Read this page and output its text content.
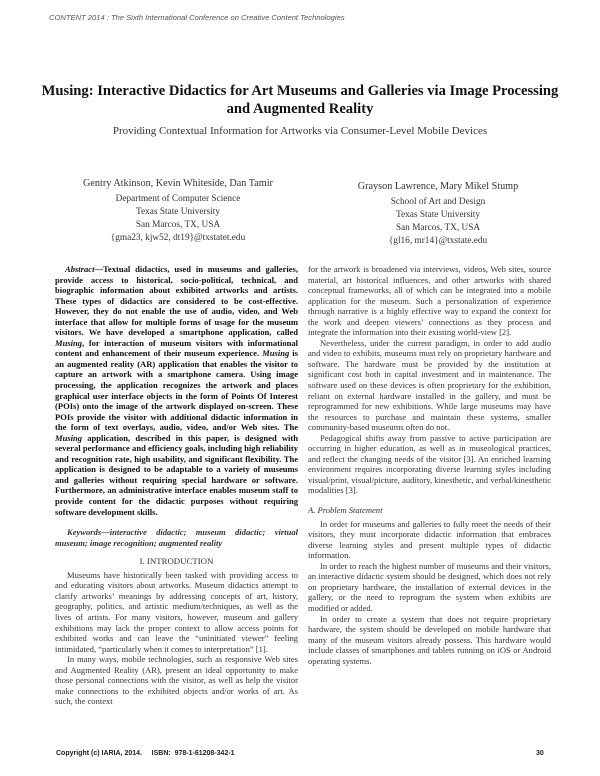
CONTENT 2014 : The Sixth International Conference on Creative Content Technologies
Musing: Interactive Didactics for Art Museums and Galleries via Image Processing and Augmented Reality
Providing Contextual Information for Artworks via Consumer-Level Mobile Devices
Gentry Atkinson, Kevin Whiteside, Dan Tamir
Department of Computer Science
Texas State University
San Marcos, TX, USA
{gma23, kjw52, dt19}@txstatet.edu
Grayson Lawrence, Mary Mikel Stump
School of Art and Design
Texas State University
San Marcos, TX, USA
{gl16, mr14}@txstate.edu

Abstract—Textual didactics, used in museums and galleries, provide access to historical, socio-political, technical, and biographic information about exhibited artworks and artists. These types of didactics are considered to be cost-effective. However, they do not enable the use of audio, video, and Web interface that allow for multiple forms of usage for the museum visitors. We have developed a smartphone application, called Musing, for interaction of museum visitors with informational content and enhancement of their museum experience. Musing is an augmented reality (AR) application that enables the visitor to capture an artwork with a smartphone camera. Using image processing, the application recognizes the artwork and places graphical user interface objects in the form of Points Of Interest (POIs) onto the image of the artwork displayed on-screen. These POIs provide the visitor with additional didactic information in the form of text overlays, audio, video, and/or Web sites. The Musing application, described in this paper, is designed with several performance and efficiency goals, including high reliability and recognition rate, high usability, and significant flexibility. The application is designed to be adaptable to a variety of museums and galleries without requiring special hardware or software. Furthermore, an administrative interface enables museum staff to provide content for the didactic purposes without requiring software development skills.

Keywords—interactive didactic; museum didactic; virtual museum; image recognition; augmented reality

I. INTRODUCTION

Museums have historically been tasked with providing access to and educating visitors about artworks. Museum didactics attempt to clarify artworks’ meanings by addressing concepts of art, history, geography, politics, and artistic medium/techniques, as well as the lives of artists. For many visitors, however, museum and gallery exhibitions may lack the proper context to allow access points for exhibited works and can leave the “uninitiated viewer” feeling intimidated, “particularly when it comes to interpretation” [1].

In many ways, mobile technologies, such as responsive Web sites and Augmented Reality (AR), present an ideal opportunity to make those personal connections with the visitor, as well as help the visitor make connections to the exhibited objects and/or works of art. As such, the context

for the artwork is broadened via interviews, videos, Web sites, source material, art historical influences, and other artworks with shared conceptual frameworks, all of which can be integrated into a mobile application for the museum. Such a personalization of experience through narrative is a highly effective way to expand the context for the work and deepen viewers’ connections as they process and integrate the information into their existing world-view [2].

Nevertheless, under the current paradigm, in order to add audio and video to exhibits, museums must rely on proprietary hardware and software. The hardware must be provided by the institution at significant cost both in capital investment and in maintenance. The software used on these devices is often proprietary for the exhibition, reliant on external hardware installed in the gallery, and must be reprogrammed for new exhibitions. While large museums may have the resources to purchase and maintain these systems, smaller community-based museums often do not.

Pedagogical shifts away from passive to active participation are occurring in higher education, as well as in museological practices, and reflect the changing needs of the visitor [3]. An enriched learning environment requires incorporating diverse learning styles including visual/print, visual/picture, auditory, kinesthetic, and verbal/kinesthetic modalities [3].

A. Problem Statement

In order for museums and galleries to fully meet the needs of their visitors, they must incorporate didactic information that embraces diverse learning styles and present multiple types of didactic information.

In order to reach the highest number of museums and their visitors, an interactive didactic system should be designed, which does not rely on proprietary hardware, the installation of external devices in the gallery, or the need to reprogram the system when exhibits are modified or added.

In order to create a system that does not require proprietary hardware, the system should be developed on mobile hardware that many of the museum visitors already possess. This hardware would include classes of smartphones and tablets running on iOS or Android operating systems.

Copyright (c) IARIA, 2014.     ISBN:  978-1-61208-342-1	30
